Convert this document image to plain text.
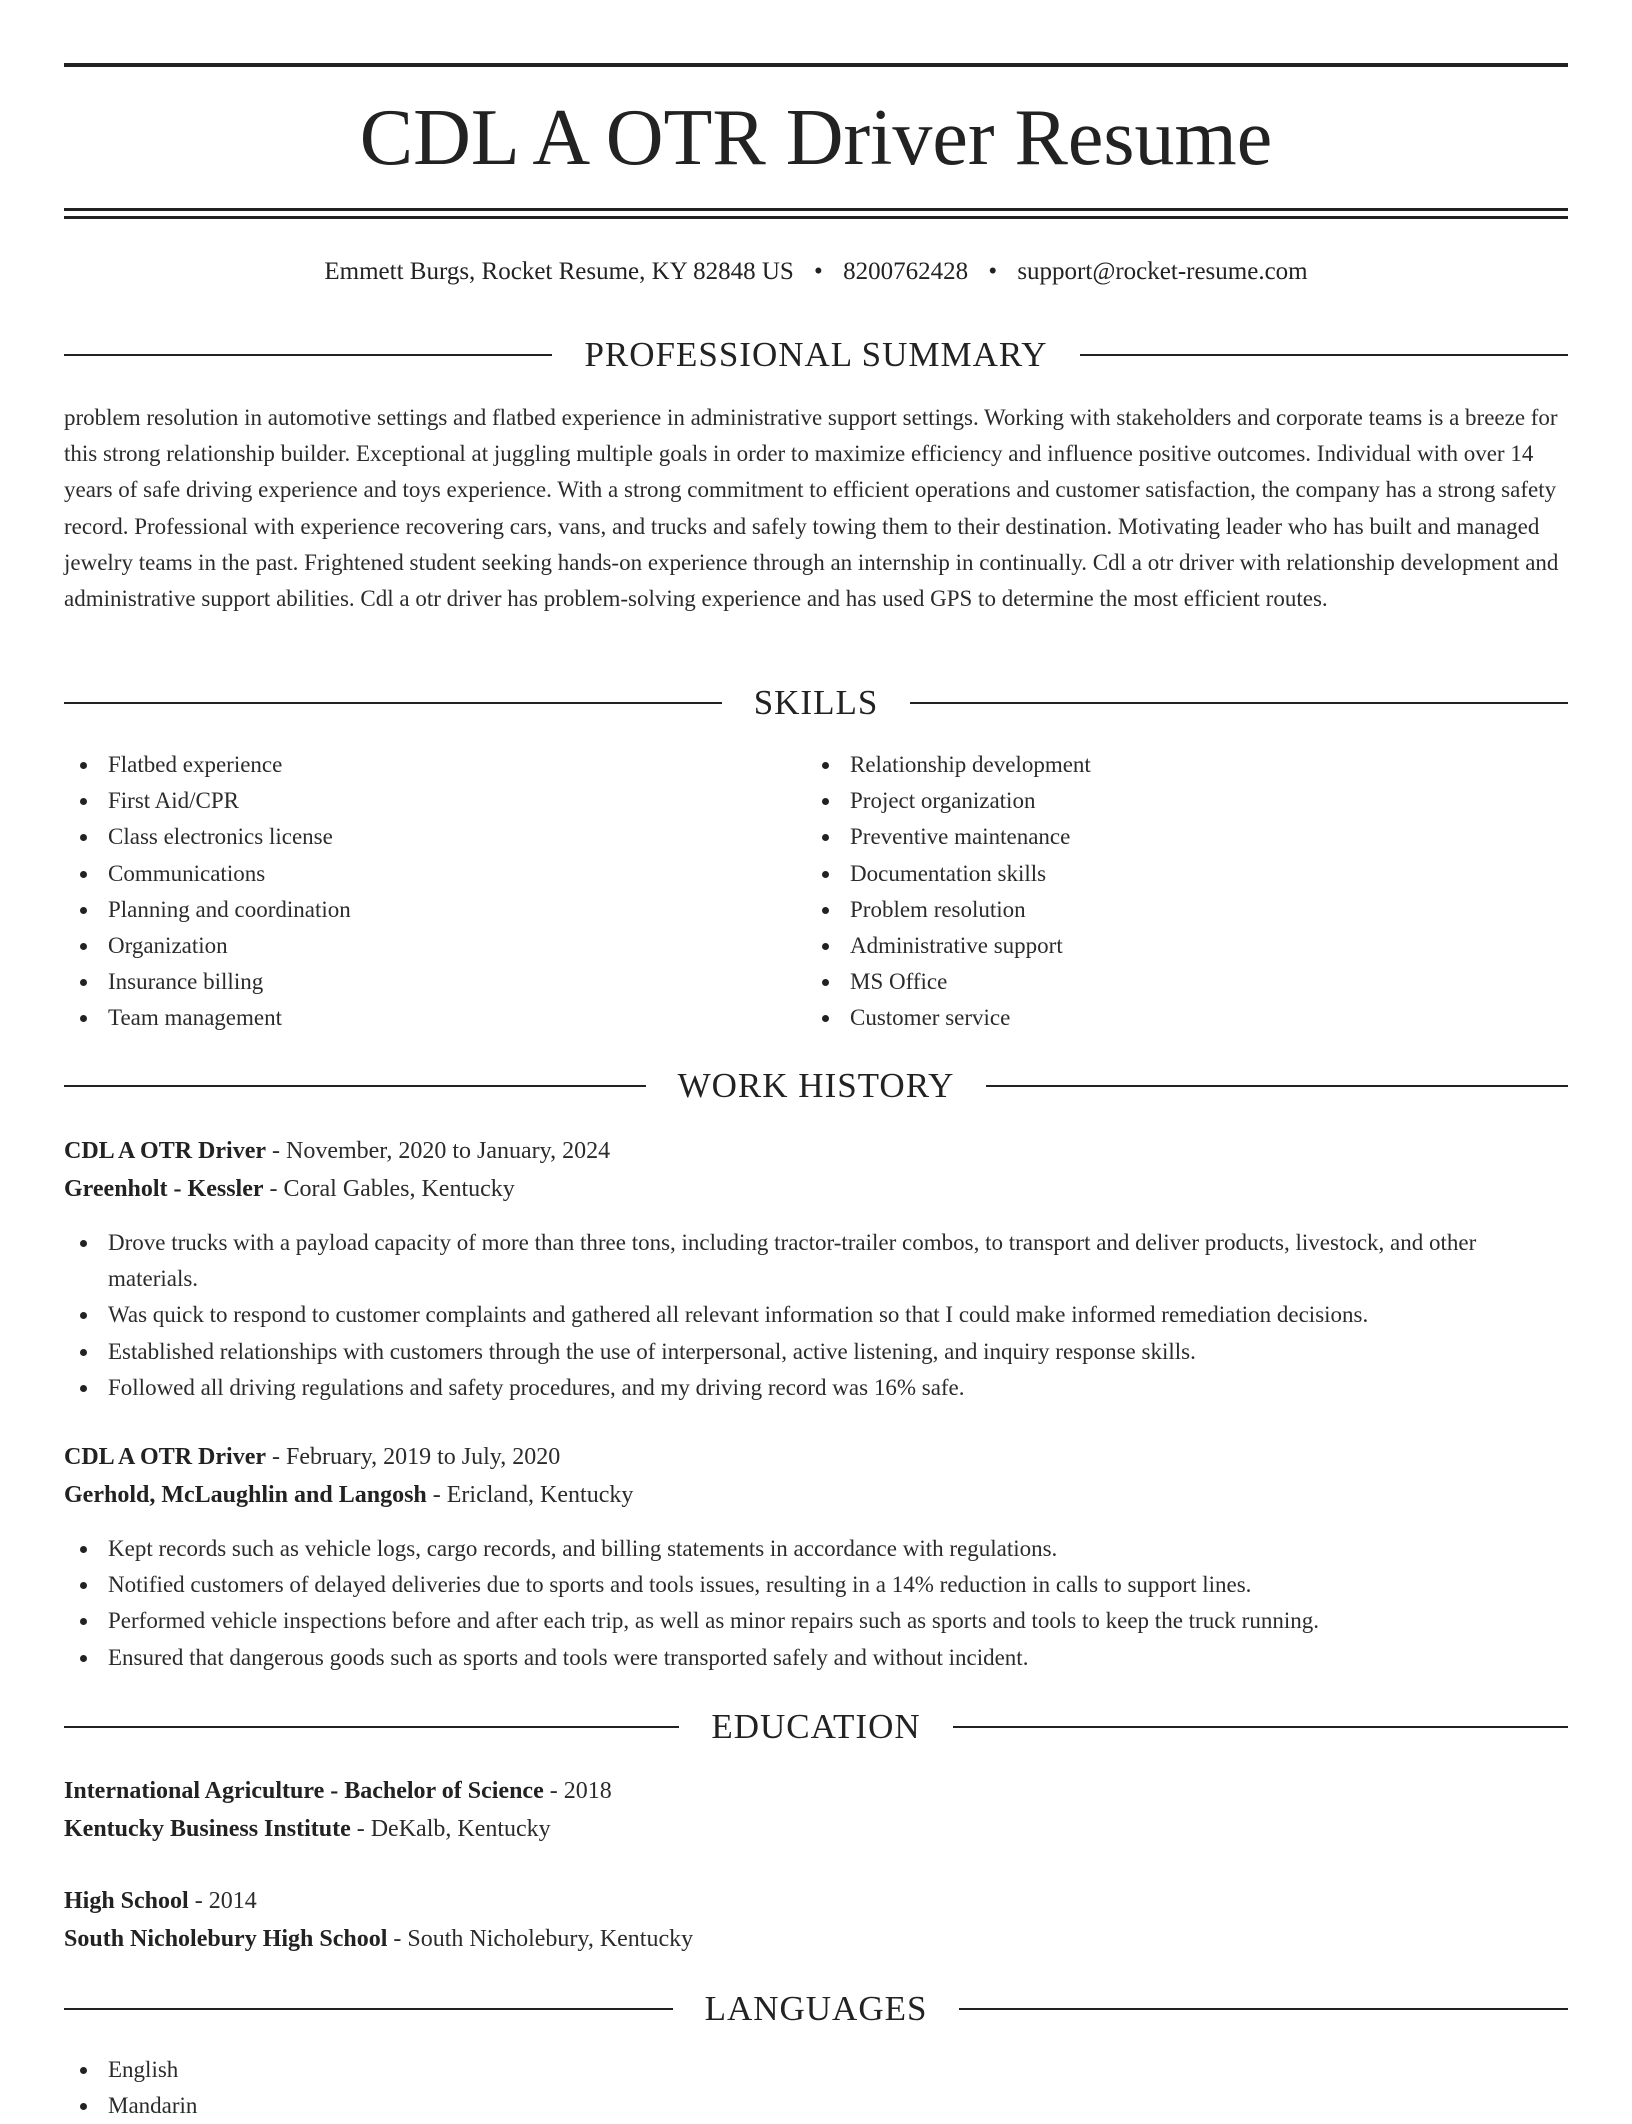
CDL A OTR Driver Resume
Emmett Burgs, Rocket Resume, KY 82848 US • 8200762428 • support@rocket-resume.com
PROFESSIONAL SUMMARY

problem resolution in automotive settings and flatbed experience in administrative support settings. Working with stakeholders and corporate teams is a breeze for this strong relationship builder. Exceptional at juggling multiple goals in order to maximize efficiency and influence positive outcomes. Individual with over 14 years of safe driving experience and toys experience. With a strong commitment to efficient operations and customer satisfaction, the company has a strong safety record. Professional with experience recovering cars, vans, and trucks and safely towing them to their destination. Motivating leader who has built and managed jewelry teams in the past. Frightened student seeking hands-on experience through an internship in continually. Cdl a otr driver with relationship development and administrative support abilities. Cdl a otr driver has problem-solving experience and has used GPS to determine the most efficient routes.

SKILLS
Flatbed experience
First Aid/CPR
Class electronics license
Communications
Planning and coordination
Organization
Insurance billing
Team management
Relationship development
Project organization
Preventive maintenance
Documentation skills
Problem resolution
Administrative support
MS Office
Customer service
WORK HISTORY
CDL A OTR Driver - November, 2020 to January, 2024
Greenholt - Kessler - Coral Gables, Kentucky
Drove trucks with a payload capacity of more than three tons, including tractor-trailer combos, to transport and deliver products, livestock, and other materials.
Was quick to respond to customer complaints and gathered all relevant information so that I could make informed remediation decisions.
Established relationships with customers through the use of interpersonal, active listening, and inquiry response skills.
Followed all driving regulations and safety procedures, and my driving record was 16% safe.
CDL A OTR Driver - February, 2019 to July, 2020
Gerhold, McLaughlin and Langosh - Ericland, Kentucky
Kept records such as vehicle logs, cargo records, and billing statements in accordance with regulations.
Notified customers of delayed deliveries due to sports and tools issues, resulting in a 14% reduction in calls to support lines.
Performed vehicle inspections before and after each trip, as well as minor repairs such as sports and tools to keep the truck running.
Ensured that dangerous goods such as sports and tools were transported safely and without incident.
EDUCATION
International Agriculture - Bachelor of Science - 2018
Kentucky Business Institute - DeKalb, Kentucky
High School - 2014
South Nicholebury High School - South Nicholebury, Kentucky
LANGUAGES
English
Mandarin
